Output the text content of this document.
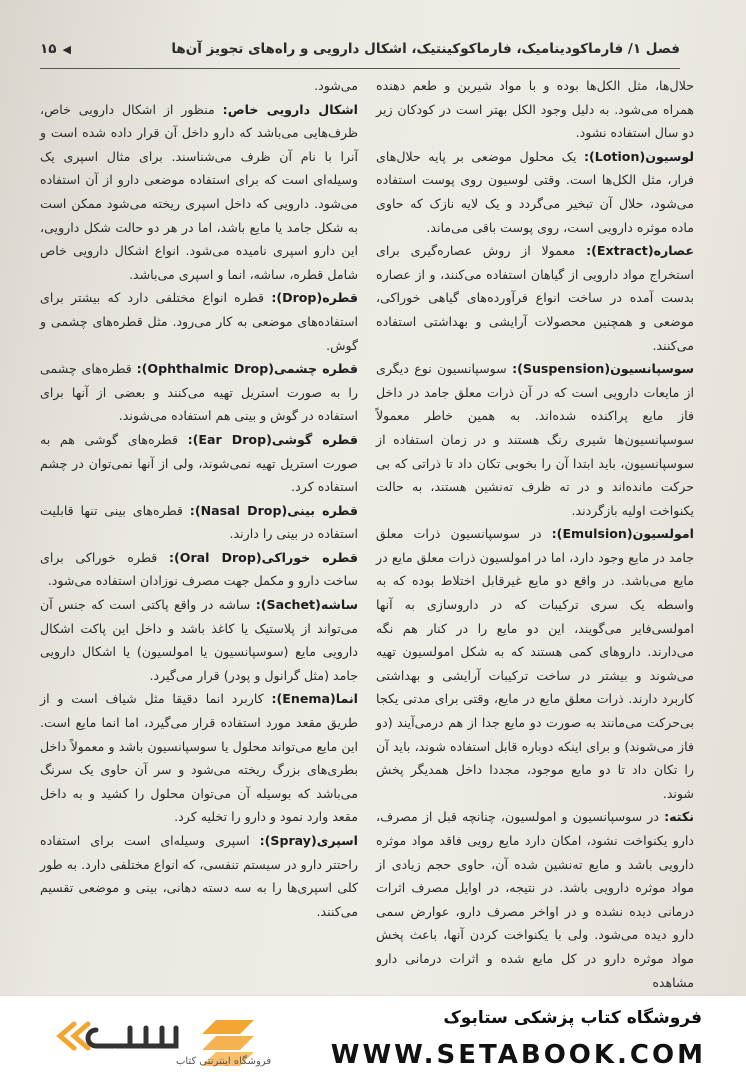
فصل ۱/ فارماکودینامیک، فارماکوکینتیک، اشکال دارویی و راه‌های تجویز آن‌ها
◀
۱۵

حلال‌ها، مثل الکل‌ها بوده و با مواد شیرین و طعم دهنده همراه می‌شود. به دلیل وجود الکل بهتر است در کودکان زیر دو سال استفاده نشود.

لوسیون(Lotion): یک محلول موضعی بر پایه حلال‌های فرار، مثل الکل‌ها است. وقتی لوسیون روی پوست استفاده می‌شود، حلال آن تبخیر می‌گردد و یک لایه نازک که حاوی ماده موثره دارویی است، روی پوست باقی می‌ماند.

عصاره(Extract): معمولا از روش عصاره‌گیری برای استخراج مواد دارویی از گیاهان استفاده می‌کنند، و از عصاره بدست آمده در ساخت انواع فرآورده‌های گیاهی خوراکی، موضعی و همچنین محصولات آرایشی و بهداشتی استفاده می‌کنند.

سوسپانسیون(Suspension): سوسپانسیون نوع دیگری از مایعات دارویی است که در آن ذرات معلق جامد در داخل فاز مایع پراکنده شده‌اند. به همین خاطر معمولاً سوسپانسیون‌ها شیری رنگ هستند و در زمان استفاده از سوسپانسیون، باید ابتدا آن را بخوبی تکان داد تا ذراتی که بی حرکت مانده‌اند و در ته ظرف ته‌نشین هستند، به حالت یکنواخت اولیه بازگردند.

امولسیون(Emulsion): در سوسپانسیون ذرات معلق جامد در مایع وجود دارد، اما در امولسیون ذرات معلق مایع در مایع می‌باشد. در واقع دو مایع غیرقابل اختلاط بوده که به واسطه یک سری ترکیبات که در داروسازی به آنها امولسی‌فایر می‌گویند، این دو مایع را در کنار هم نگه می‌دارند. داروهای کمی هستند که به شکل امولسیون تهیه می‌شوند و بیشتر در ساخت ترکیبات آرایشی و بهداشتی کاربرد دارند. ذرات معلق مایع در مایع، وقتی برای مدتی یکجا بی‌حرکت می‌مانند به صورت دو مایع جدا از هم درمی‌آیند (دو فاز می‌شوند) و برای اینکه دوباره قابل استفاده شوند، باید آن را تکان داد تا دو مایع موجود، مجددا داخل همدیگر پخش شوند.

نکته: در سوسپانسیون و امولسیون، چنانچه قبل از مصرف، دارو یکنواخت نشود، امکان دارد مایع رویی فاقد مواد موثره دارویی باشد و مایع ته‌نشین شده آن، حاوی حجم زیادی از مواد موثره دارویی باشد. در نتیجه، در اوایل مصرف اثرات درمانی دیده نشده و در اواخر مصرف دارو، عوارض سمی دارو دیده می‌شود. ولی با یکنواخت کردن آنها، باعث پخش مواد موثره دارو در کل مایع شده و اثرات درمانی دارو مشاهده

می‌شود.

اشکال دارویی خاص: منظور از اشکال دارویی خاص، ظرف‌هایی می‌باشد که دارو داخل آن قرار داده شده است و آنرا با نام آن ظرف می‌شناسند. برای مثال اسپری یک وسیله‌ای است که برای استفاده موضعی دارو از آن استفاده می‌شود. دارویی که داخل اسپری ریخته می‌شود ممکن است به شکل جامد یا مایع باشد، اما در هر دو حالت شکل دارویی، این دارو اسپری نامیده می‌شود. انواع اشکال دارویی خاص شامل قطره، ساشه، انما و اسپری می‌باشد.

قطره(Drop): قطره انواع مختلفی دارد که بیشتر برای استفاده‌های موضعی به کار می‌رود. مثل قطره‌های چشمی و گوش.

قطره چشمی(Ophthalmic Drop): قطره‌های چشمی را به صورت استریل تهیه می‌کنند و بعضی از آنها برای استفاده در گوش و بینی هم استفاده می‌شوند.

قطره گوشی(Ear Drop): قطره‌های گوشی هم به صورت استریل تهیه نمی‌شوند، ولی از آنها نمی‌توان در چشم استفاده کرد.

قطره بینی(Nasal Drop): قطره‌های بینی تنها قابلیت استفاده در بینی را دارند.

قطره خوراکی(Oral Drop): قطره خوراکی برای ساخت دارو و مکمل جهت مصرف نوزادان استفاده می‌شود.

ساشه(Sachet): ساشه در واقع پاکتی است که جنس آن می‌تواند از پلاستیک یا کاغذ باشد و داخل این پاکت اشکال دارویی مایع (سوسپانسیون یا امولسیون) یا اشکال دارویی جامد (مثل گرانول و پودر) قرار می‌گیرد.

انما(Enema): کاربرد انما دقیقا مثل شیاف است و از طریق مقعد مورد استفاده قرار می‌گیرد، اما انما مایع است. این مایع می‌تواند محلول یا سوسپانسیون باشد و معمولاً داخل بطری‌های بزرگ ریخته می‌شود و سر آن حاوی یک سرنگ می‌باشد که بوسیله آن می‌توان محلول را کشید و به داخل مقعد وارد نمود و دارو را تخلیه کرد.

اسپری(Spray): اسپری وسیله‌ای است برای استفاده راحتتر دارو در سیستم تنفسی، که انواع مختلفی دارد. به طور کلی اسپری‌ها را به سه دسته دهانی، بینی و موضعی تقسیم می‌کنند.

فروشگاه اینترنتی کتاب
فروشگاه کتاب پزشکی ستابوک
WWW.SETABOOK.COM
